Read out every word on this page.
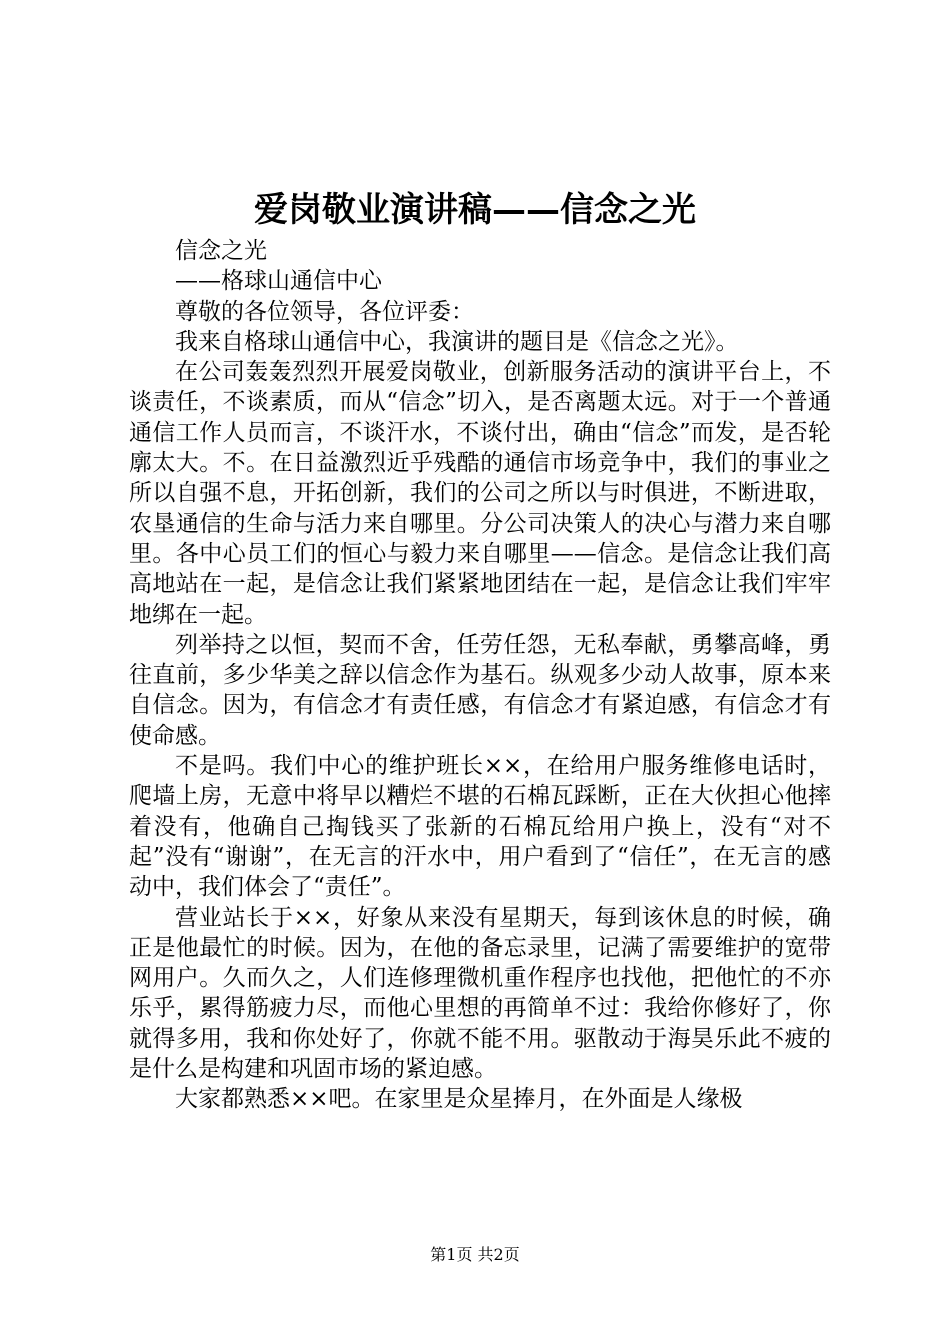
爱岗敬业演讲稿——信念之光

信念之光

——格球山通信中心

尊敬的各位领导，各位评委：

我来自格球山通信中心，我演讲的题目是《信念之光》。

在公司轰轰烈烈开展爱岗敬业，创新服务活动的演讲平台上，不谈责任，不谈素质，而从“信念”切入，是否离题太远。对于一个普通通信工作人员而言，不谈汗水，不谈付出，确由“信念”而发，是否轮廓太大。不。在日益激烈近乎残酷的通信市场竞争中，我们的事业之所以自强不息，开拓创新，我们的公司之所以与时俱进，不断进取，农垦通信的生命与活力来自哪里。分公司决策人的决心与潜力来自哪里。各中心员工们的恒心与毅力来自哪里——信念。是信念让我们高高地站在一起，是信念让我们紧紧地团结在一起，是信念让我们牢牢地绑在一起。

列举持之以恒，契而不舍，任劳任怨，无私奉献，勇攀高峰，勇往直前，多少华美之辞以信念作为基石。纵观多少动人故事，原本来自信念。因为，有信念才有责任感，有信念才有紧迫感，有信念才有使命感。

不是吗。我们中心的维护班长××，在给用户服务维修电话时，爬墙上房，无意中将早以糟烂不堪的石棉瓦踩断，正在大伙担心他摔着没有，他确自己掏钱买了张新的石棉瓦给用户换上，没有“对不起”没有“谢谢”，在无言的汗水中，用户看到了“信任”，在无言的感动中，我们体会了“责任”。

营业站长于××，好象从来没有星期天，每到该休息的时候，确正是他最忙的时候。因为，在他的备忘录里，记满了需要维护的宽带网用户。久而久之，人们连修理微机重作程序也找他，把他忙的不亦乐乎，累得筋疲力尽，而他心里想的再简单不过：我给你修好了，你就得多用，我和你处好了，你就不能不用。驱散动于海昊乐此不疲的是什么是构建和巩固市场的紧迫感。

大家都熟悉××吧。在家里是众星捧月，在外面是人缘极

第1页 共2页
